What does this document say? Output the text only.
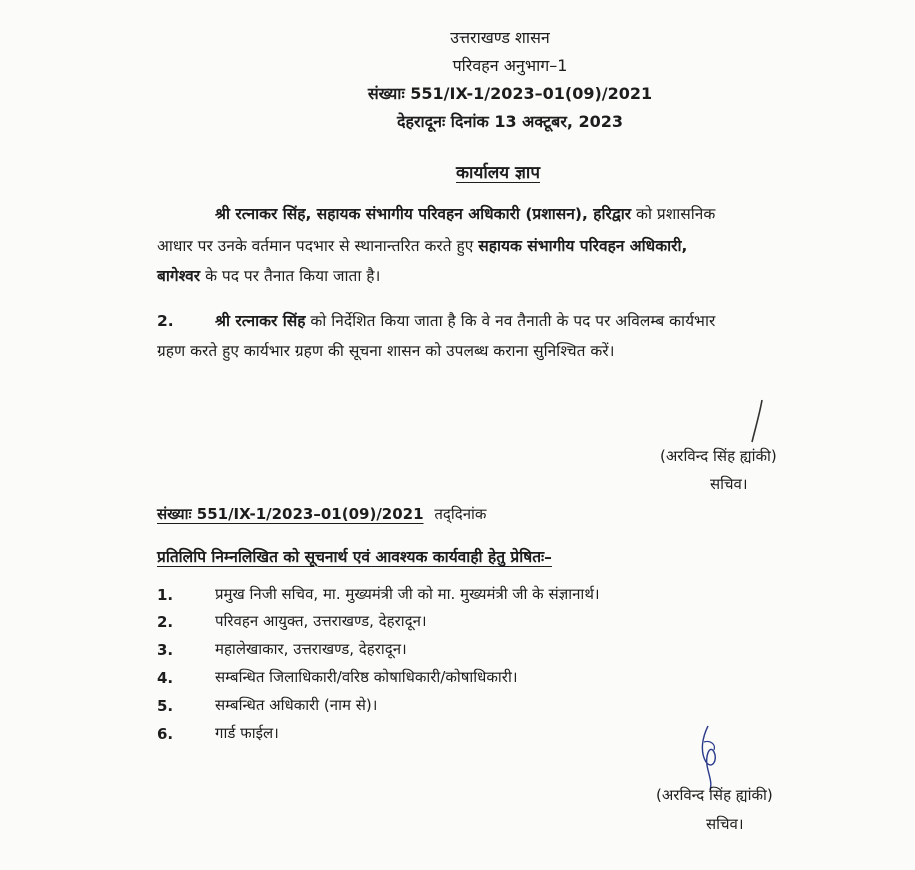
उत्तराखण्ड शासन
परिवहन अनुभाग–1
संख्याः 551/IX-1/2023–01(09)/2021
देहरादूनः दिनांक 13 अक्टूबर, 2023
कार्यालय ज्ञाप
श्री रत्नाकर सिंह, सहायक संभागीय परिवहन अधिकारी (प्रशासन), हरिद्वार को प्रशासनिक
आधार पर उनके वर्तमान पदभार से स्थानान्तरित करते हुए सहायक संभागीय परिवहन अधिकारी,
बागेश्वर के पद पर तैनात किया जाता है।
2.	श्री रत्नाकर सिंह को निर्देशित किया जाता है कि वे नव तैनाती के पद पर अविलम्ब कार्यभार
ग्रहण करते हुए कार्यभार ग्रहण की सूचना शासन को उपलब्ध कराना सुनिश्चित करें।
(अरविन्द सिंह ह्यांकी)
सचिव।
संख्याः 551/IX-1/2023–01(09)/2021 तद्‌दिनांक
प्रतिलिपि निम्नलिखित को सूचनार्थ एवं आवश्यक कार्यवाही हेतु प्रेषितः–
1.	प्रमुख निजी सचिव, मा. मुख्यमंत्री जी को मा. मुख्यमंत्री जी के संज्ञानार्थ।
2.	परिवहन आयुक्त, उत्तराखण्ड, देहरादून।
3.	महालेखाकार, उत्तराखण्ड, देहरादून।
4.	सम्बन्धित जिलाधिकारी/वरिष्ठ कोषाधिकारी/कोषाधिकारी।
5.	सम्बन्धित अधिकारी (नाम से)।
6.	गार्ड फाईल।
(अरविन्द सिंह ह्यांकी)
सचिव।
